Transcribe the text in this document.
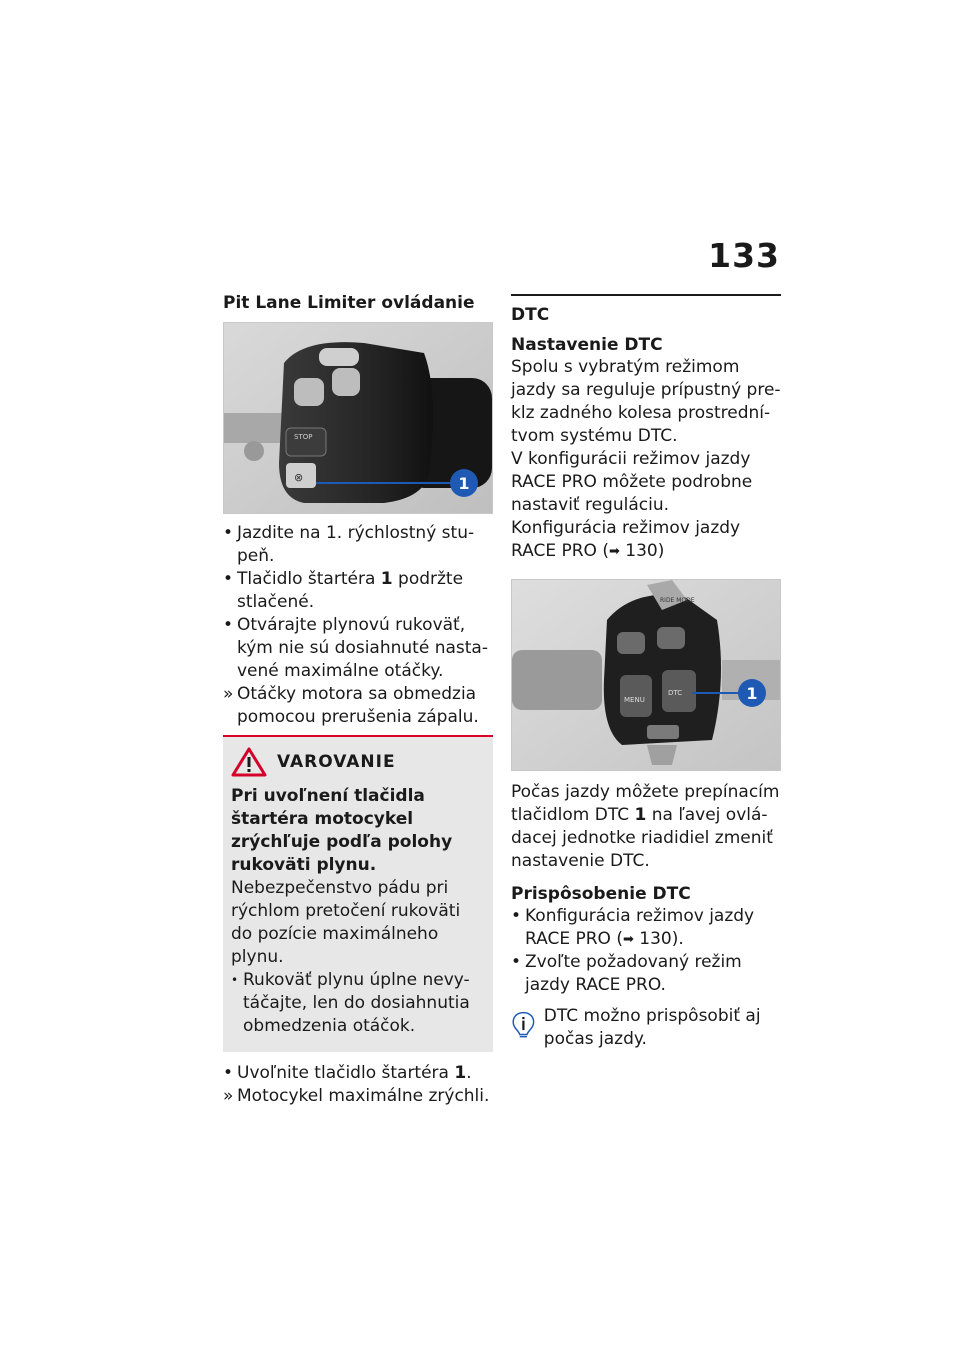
133
Pit Lane Limiter ovládanie
STOP
⊗	1
• Jazdite na 1. rýchlostný stu-peň.
• Tlačidlo štartéra 1 podržte stlačené.
• Otvárajte plynovú rukoväť, kým nie sú dosiahnuté nasta-vené maximálne otáčky.
» Otáčky motora sa obmedzia pomocou prerušenia zápalu.
VAROVANIE

Pri uvoľnení tlačidla štartéra motocykel zrýchľuje podľa polohy rukoväti plynu.

Nebezpečenstvo pádu pri rýchlom pretočení rukoväti do pozície maximálneho plynu.

• Rukoväť plynu úplne nevy-táčajte, len do dosiahnutia obmedzenia otáčok.
• Uvoľnite tlačidlo štartéra 1.
» Motocykel maximálne zrýchli.
DTC
Nastavenie DTC

Spolu s vybratým režimom jazdy sa reguluje prípustný pre-klz zadného kolesa prostrední-tvom systému DTC.

V konfigurácii režimov jazdy RACE PRO môžete podrobne nastaviť reguláciu.

Konfigurácia režimov jazdy RACE PRO (➡ 130)

RIDE MODE
MENU
DTC	1

Počas jazdy môžete prepínacím tlačidlom DTC 1 na ľavej ovlá-dacej jednotke riadidiel zmeniť nastavenie DTC.

Prispôsobenie DTC
• Konfigurácia režimov jazdy RACE PRO (➡ 130).
• Zvoľte požadovaný režim jazdy RACE PRO.
DTC možno prispôsobiť aj počas jazdy.
